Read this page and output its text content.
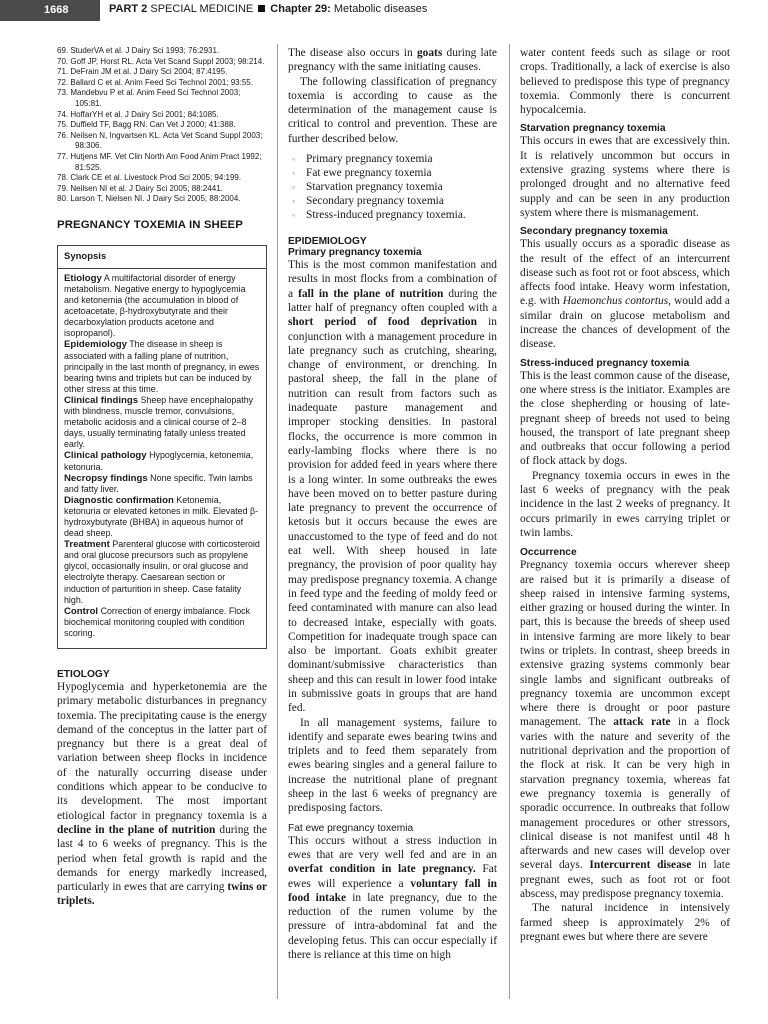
1668	PART 2 SPECIAL MEDICINE Chapter 29: Metabolic diseases
69. StuderVA et al. J Dairy Sci 1993; 76:2931.
70. Goff JP, Horst RL. Acta Vet Scand Suppl 2003; 98:214.
71. DeFrain JM et al. J Dairy Sci 2004; 87:4195.
72. Ballard C et al. Anim Feed Sci Technol 2001; 93:55.
73. Mandebvu P et al. Anim Feed Sci Technol 2003; 105:81.
74. HoffarYH et al. J Dairy Sci 2001; 84:1085.
75. Duffield TF, Bagg RN. Can Vet J 2000; 41:388.
76. Neilsen N, Ingvartsen KL. Acta Vet Scand Suppl 2003; 98:306.
77. Hutjens MF. Vet Clin North Am Food Anim Pract 1992; 81:525.
78. Clark CE et al. Livestock Prod Sci 2005; 94:199.
79. Neilsen NI et al. J Dairy Sci 2005; 88:2441.
80. Larson T, Nielsen NI. J Dairy Sci 2005; 88:2004.
PREGNANCY TOXEMIA IN SHEEP
Synopsis
Etiology A multifactorial disorder of energy metabolism. Negative energy to hypoglycemia and ketonemia (the accumulation in blood of acetoacetate, β-hydroxybutyrate and their decarboxylation products acetone and isopropanol).
Epidemiology The disease in sheep is associated with a falling plane of nutrition, principally in the last month of pregnancy, in ewes bearing twins and triplets but can be induced by other stress at this time.
Clinical findings Sheep have encephalopathy with blindness, muscle tremor, convulsions, metabolic acidosis and a clinical course of 2–8 days, usually terminating fatally unless treated early.
Clinical pathology Hypoglycemia, ketonemia, ketonuria.
Necropsy findings None specific. Twin lambs and fatty liver.
Diagnostic confirmation Ketonemia, ketonuria or elevated ketones in milk. Elevated β-hydroxybutyrate (BHBA) in aqueous humor of dead sheep.
Treatment Parenteral glucose with corticosteroid and oral glucose precursors such as propylene glycol, occasionally insulin, or oral glucose and electrolyte therapy. Caesarean section or induction of parturition in sheep. Case fatality high.
Control Correction of energy imbalance. Flock biochemical monitoring coupled with condition scoring.
ETIOLOGY

Hypoglycemia and hyperketonemia are the primary metabolic disturbances in pregnancy toxemia. The precipitating cause is the energy demand of the conceptus in the latter part of pregnancy but there is a great deal of variation between sheep flocks in incidence of the naturally occurring disease under conditions which appear to be conducive to its development. The most important etiological factor in pregnancy toxemia is a decline in the plane of nutrition during the last 4 to 6 weeks of pregnancy. This is the period when fetal growth is rapid and the demands for energy markedly increased, particularly in ewes that are carrying twins or triplets.

The disease also occurs in goats during late pregnancy with the same initiating causes.

The following classification of pregnancy toxemia is according to cause as the determination of the management cause is critical to control and prevention. These are further described below.

◦ Primary pregnancy toxemia
◦ Fat ewe pregnancy toxemia
◦ Starvation pregnancy toxemia
◦ Secondary pregnancy toxemia
◦ Stress-induced pregnancy toxemia.
EPIDEMIOLOGY
Primary pregnancy toxemia

This is the most common manifestation and results in most flocks from a combination of a fall in the plane of nutrition during the latter half of pregnancy often coupled with a short period of food deprivation in conjunction with a management procedure in late pregnancy such as crutching, shearing, change of environment, or drenching. In pastoral sheep, the fall in the plane of nutrition can result from factors such as inadequate pasture management and improper stocking densities. In pastoral flocks, the occurrence is more common in early-lambing flocks where there is no provision for added feed in years where there is a long winter. In some outbreaks the ewes have been moved on to better pasture during late pregnancy to prevent the occurrence of ketosis but it occurs because the ewes are unaccustomed to the type of feed and do not eat well. With sheep housed in late pregnancy, the provision of poor quality hay may predispose pregnancy toxemia. A change in feed type and the feeding of moldy feed or feed contaminated with manure can also lead to decreased intake, especially with goats. Competition for inadequate trough space can also be important. Goats exhibit greater dominant/submissive characteristics than sheep and this can result in lower food intake in submissive goats in groups that are hand fed.

In all management systems, failure to identify and separate ewes bearing twins and triplets and to feed them separately from ewes bearing singles and a general failure to increase the nutritional plane of pregnant sheep in the last 6 weeks of pregnancy are predisposing factors.

Fat ewe pregnancy toxemia

This occurs without a stress induction in ewes that are very well fed and are in an overfat condition in late pregnancy. Fat ewes will experience a voluntary fall in food intake in late pregnancy, due to the reduction of the rumen volume by the pressure of intra-abdominal fat and the developing fetus. This can occur especially if there is reliance at this time on high

water content feeds such as silage or root crops. Traditionally, a lack of exercise is also believed to predispose this type of pregnancy toxemia. Commonly there is concurrent hypocalcemia.

Starvation pregnancy toxemia

This occurs in ewes that are excessively thin. It is relatively uncommon but occurs in extensive grazing systems where there is prolonged drought and no alternative feed supply and can be seen in any production system where there is mismanagement.

Secondary pregnancy toxemia

This usually occurs as a sporadic disease as the result of the effect of an intercurrent disease such as foot rot or foot abscess, which affects food intake. Heavy worm infestation, e.g. with Haemonchus contortus, would add a similar drain on glucose metabolism and increase the chances of development of the disease.

Stress-induced pregnancy toxemia

This is the least common cause of the disease, one where stress is the initiator. Examples are the close shepherding or housing of late-pregnant sheep of breeds not used to being housed, the transport of late pregnant sheep and outbreaks that occur following a period of flock attack by dogs.

Pregnancy toxemia occurs in ewes in the last 6 weeks of pregnancy with the peak incidence in the last 2 weeks of pregnancy. It occurs primarily in ewes carrying triplet or twin lambs.

Occurrence

Pregnancy toxemia occurs wherever sheep are raised but it is primarily a disease of sheep raised in intensive farming systems, either grazing or housed during the winter. In part, this is because the breeds of sheep used in intensive farming are more likely to bear twins or triplets. In contrast, sheep breeds in extensive grazing systems commonly bear single lambs and significant outbreaks of pregnancy toxemia are uncommon except where there is drought or poor pasture management. The attack rate in a flock varies with the nature and severity of the nutritional deprivation and the proportion of the flock at risk. It can be very high in starvation pregnancy toxemia, whereas fat ewe pregnancy toxemia is generally of sporadic occurrence. In outbreaks that follow management procedures or other stressors, clinical disease is not manifest until 48 h afterwards and new cases will develop over several days. Intercurrent disease in late pregnant ewes, such as foot rot or foot abscess, may predispose pregnancy toxemia.

The natural incidence in intensively farmed sheep is approximately 2% of pregnant ewes but where there are severe
